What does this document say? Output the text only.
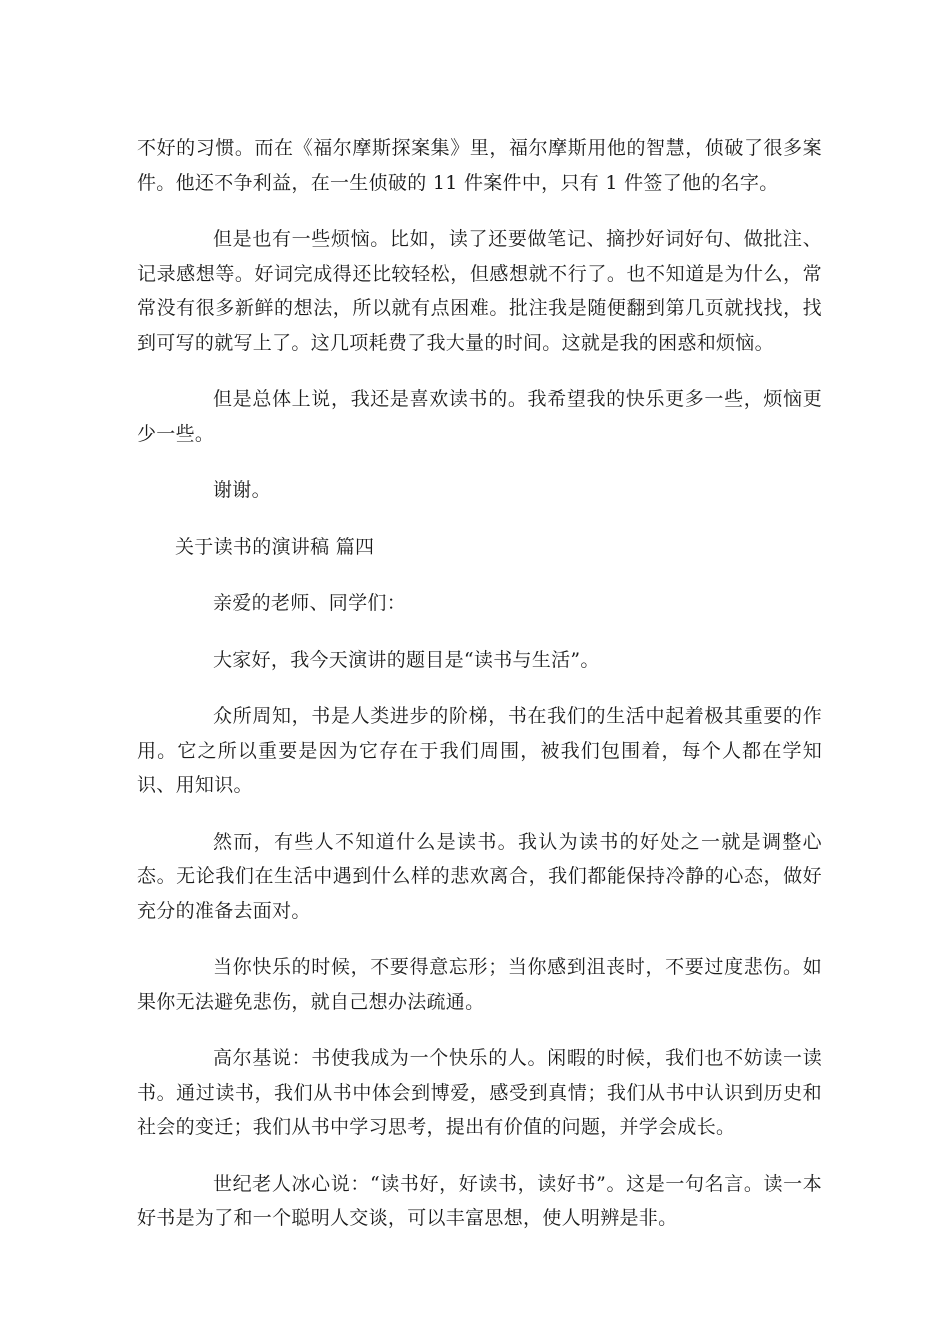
不好的习惯。而在《福尔摩斯探案集》里，福尔摩斯用他的智慧，侦破了很多案件。他还不争利益，在一生侦破的 11 件案件中，只有 1 件签了他的名字。

但是也有一些烦恼。比如，读了还要做笔记、摘抄好词好句、做批注、记录感想等。好词完成得还比较轻松，但感想就不行了。也不知道是为什么，常常没有很多新鲜的想法，所以就有点困难。批注我是随便翻到第几页就找找，找到可写的就写上了。这几项耗费了我大量的时间。这就是我的困惑和烦恼。

但是总体上说，我还是喜欢读书的。我希望我的快乐更多一些，烦恼更少一些。

谢谢。

关于读书的演讲稿 篇四

亲爱的老师、同学们：

大家好，我今天演讲的题目是“读书与生活”。

众所周知，书是人类进步的阶梯，书在我们的生活中起着极其重要的作用。它之所以重要是因为它存在于我们周围，被我们包围着，每个人都在学知识、用知识。

然而，有些人不知道什么是读书。我认为读书的好处之一就是调整心态。无论我们在生活中遇到什么样的悲欢离合，我们都能保持冷静的心态，做好充分的准备去面对。

当你快乐的时候，不要得意忘形；当你感到沮丧时，不要过度悲伤。如果你无法避免悲伤，就自己想办法疏通。

高尔基说：书使我成为一个快乐的人。闲暇的时候，我们也不妨读一读书。通过读书，我们从书中体会到博爱，感受到真情；我们从书中认识到历史和社会的变迁；我们从书中学习思考，提出有价值的问题，并学会成长。

世纪老人冰心说：“读书好，好读书，读好书”。这是一句名言。读一本好书是为了和一个聪明人交谈，可以丰富思想，使人明辨是非。
